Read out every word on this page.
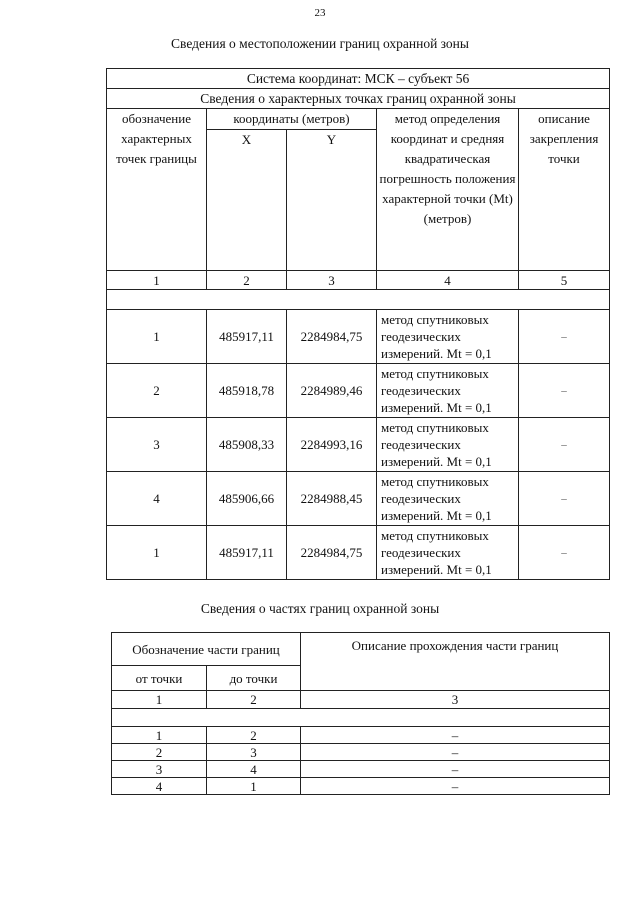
23
Сведения о местоположении границ охранной зоны
Система координат: МСК – субъект 56				
Сведения о характерных точках границ охранной зоны				
обозначение характерных точек границы	координаты (метров)		метод определения координат и средняя квадратическая погрешность положения характерной точки (Mt) (метров)	описание закрепления точки
	X	Y		
1	2	3	4	5

1	485917,11	2284984,75	метод спутниковых геодезических измерений. Mt = 0,1	–
2	485918,78	2284989,46	метод спутниковых геодезических измерений. Mt = 0,1	–
3	485908,33	2284993,16	метод спутниковых геодезических измерений. Mt = 0,1	–
4	485906,66	2284988,45	метод спутниковых геодезических измерений. Mt = 0,1	–
1	485917,11	2284984,75	метод спутниковых геодезических измерений. Mt = 0,1	–
Сведения о частях границ охранной зоны
Обозначение части границ		Описание прохождения части границ
от точки	до точки	
1	2	3

1	2	–
2	3	–
3	4	–
4	1	–
